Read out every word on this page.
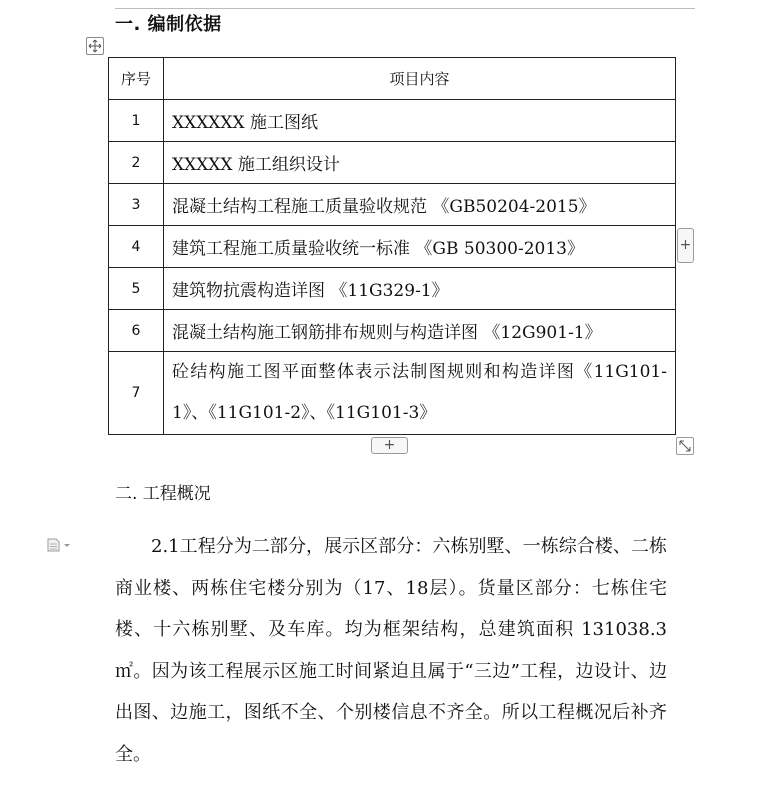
一. 编制依据
序号	项目内容
1	XXXXXX 施工图纸
2	XXXXX 施工组织设计
3	混凝土结构工程施工质量验收规范 《GB50204-2015》
4	建筑工程施工质量验收统一标准 《GB 50300-2013》
5	建筑物抗震构造详图 《11G329-1》
6	混凝土结构施工钢筋排布规则与构造详图 《12G901-1》
7	砼结构施工图平面整体表示法制图规则和构造详图《11G101-1》、《11G101-2》、《11G101-3》
+
+
二. 工程概况
2.1工程分为二部分，展示区部分：六栋别墅、一栋综合楼、二栋商业楼、两栋住宅楼分别为（17、18层）。货量区部分：七栋住宅楼、十六栋别墅、及车库。均为框架结构，总建筑面积 131038.3㎡。因为该工程展示区施工时间紧迫且属于“三边”工程，边设计、边出图、边施工，图纸不全、个别楼信息不齐全。所以工程概况后补齐全。
